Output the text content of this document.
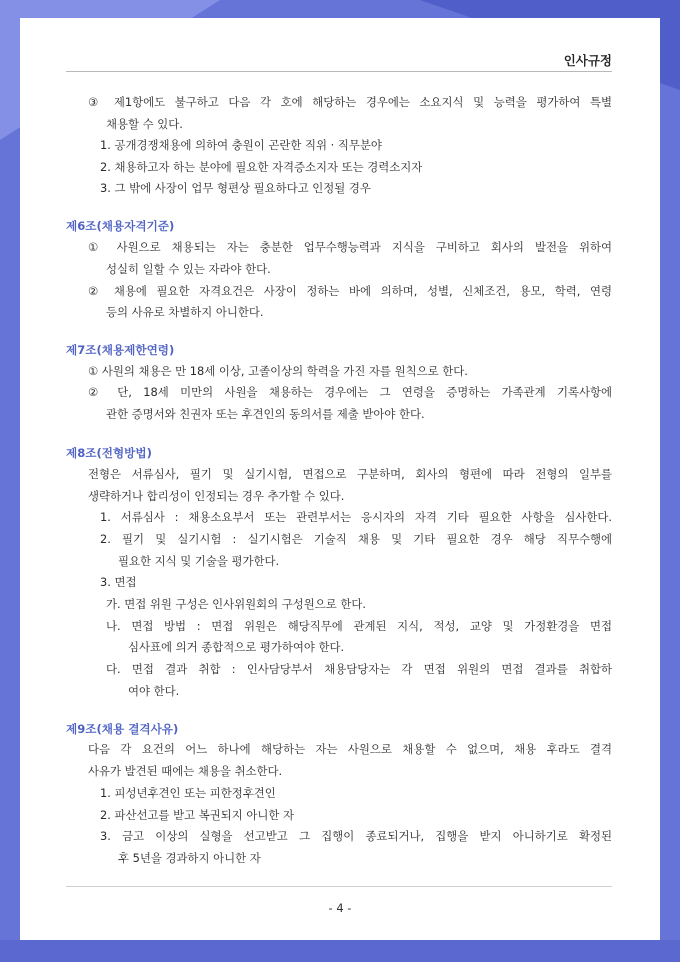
인사규정
③ 제1항에도 불구하고 다음 각 호에 해당하는 경우에는 소요지식 및 능력을 평가하여 특별
채용할 수 있다.
1. 공개경쟁채용에 의하여 충원이 곤란한 직위 · 직무분야
2. 채용하고자 하는 분야에 필요한 자격증소지자 또는 경력소지자
3. 그 밖에 사장이 업무 형편상 필요하다고 인정될 경우
제6조(채용자격기준)
① 사원으로 채용되는 자는 충분한 업무수행능력과 지식을 구비하고 회사의 발전을 위하여
성실히 일할 수 있는 자라야 한다.
② 채용에 필요한 자격요건은 사장이 정하는 바에 의하며, 성별, 신체조건, 용모, 학력, 연령
등의 사유로 차별하지 아니한다.
제7조(채용제한연령)
① 사원의 채용은 만 18세 이상, 고졸이상의 학력을 가진 자를 원칙으로 한다.
② 단, 18세 미만의 사원을 채용하는 경우에는 그 연령을 증명하는 가족관계 기록사항에
관한 증명서와 친권자 또는 후견인의 동의서를 제출 받아야 한다.
제8조(전형방법)
전형은 서류심사, 필기 및 실기시험, 면접으로 구분하며, 회사의 형편에 따라 전형의 일부를
생략하거나 합리성이 인정되는 경우 추가할 수 있다.
1. 서류심사 : 채용소요부서 또는 관련부서는 응시자의 자격 기타 필요한 사항을 심사한다.
2. 필기 및 실기시험 : 실기시험은 기술직 채용 및 기타 필요한 경우 해당 직무수행에
필요한 지식 및 기술을 평가한다.
3. 면접
가. 면접 위원 구성은 인사위원회의 구성원으로 한다.
나. 면접 방법 : 면접 위원은 해당직무에 관계된 지식, 적성, 교양 및 가정환경을 면접
심사표에 의거 종합적으로 평가하여야 한다.
다. 면접 결과 취합 : 인사담당부서 채용담당자는 각 면접 위원의 면접 결과를 취합하
여야 한다.
제9조(채용 결격사유)
다음 각 요건의 어느 하나에 해당하는 자는 사원으로 채용할 수 없으며, 채용 후라도 결격
사유가 발견된 때에는 채용을 취소한다.
1. 피성년후견인 또는 피한정후견인
2. 파산선고를 받고 복권되지 아니한 자
3. 금고 이상의 실형을 선고받고 그 집행이 종료되거나, 집행을 받지 아니하기로 확정된
후 5년을 경과하지 아니한 자
- 4 -
